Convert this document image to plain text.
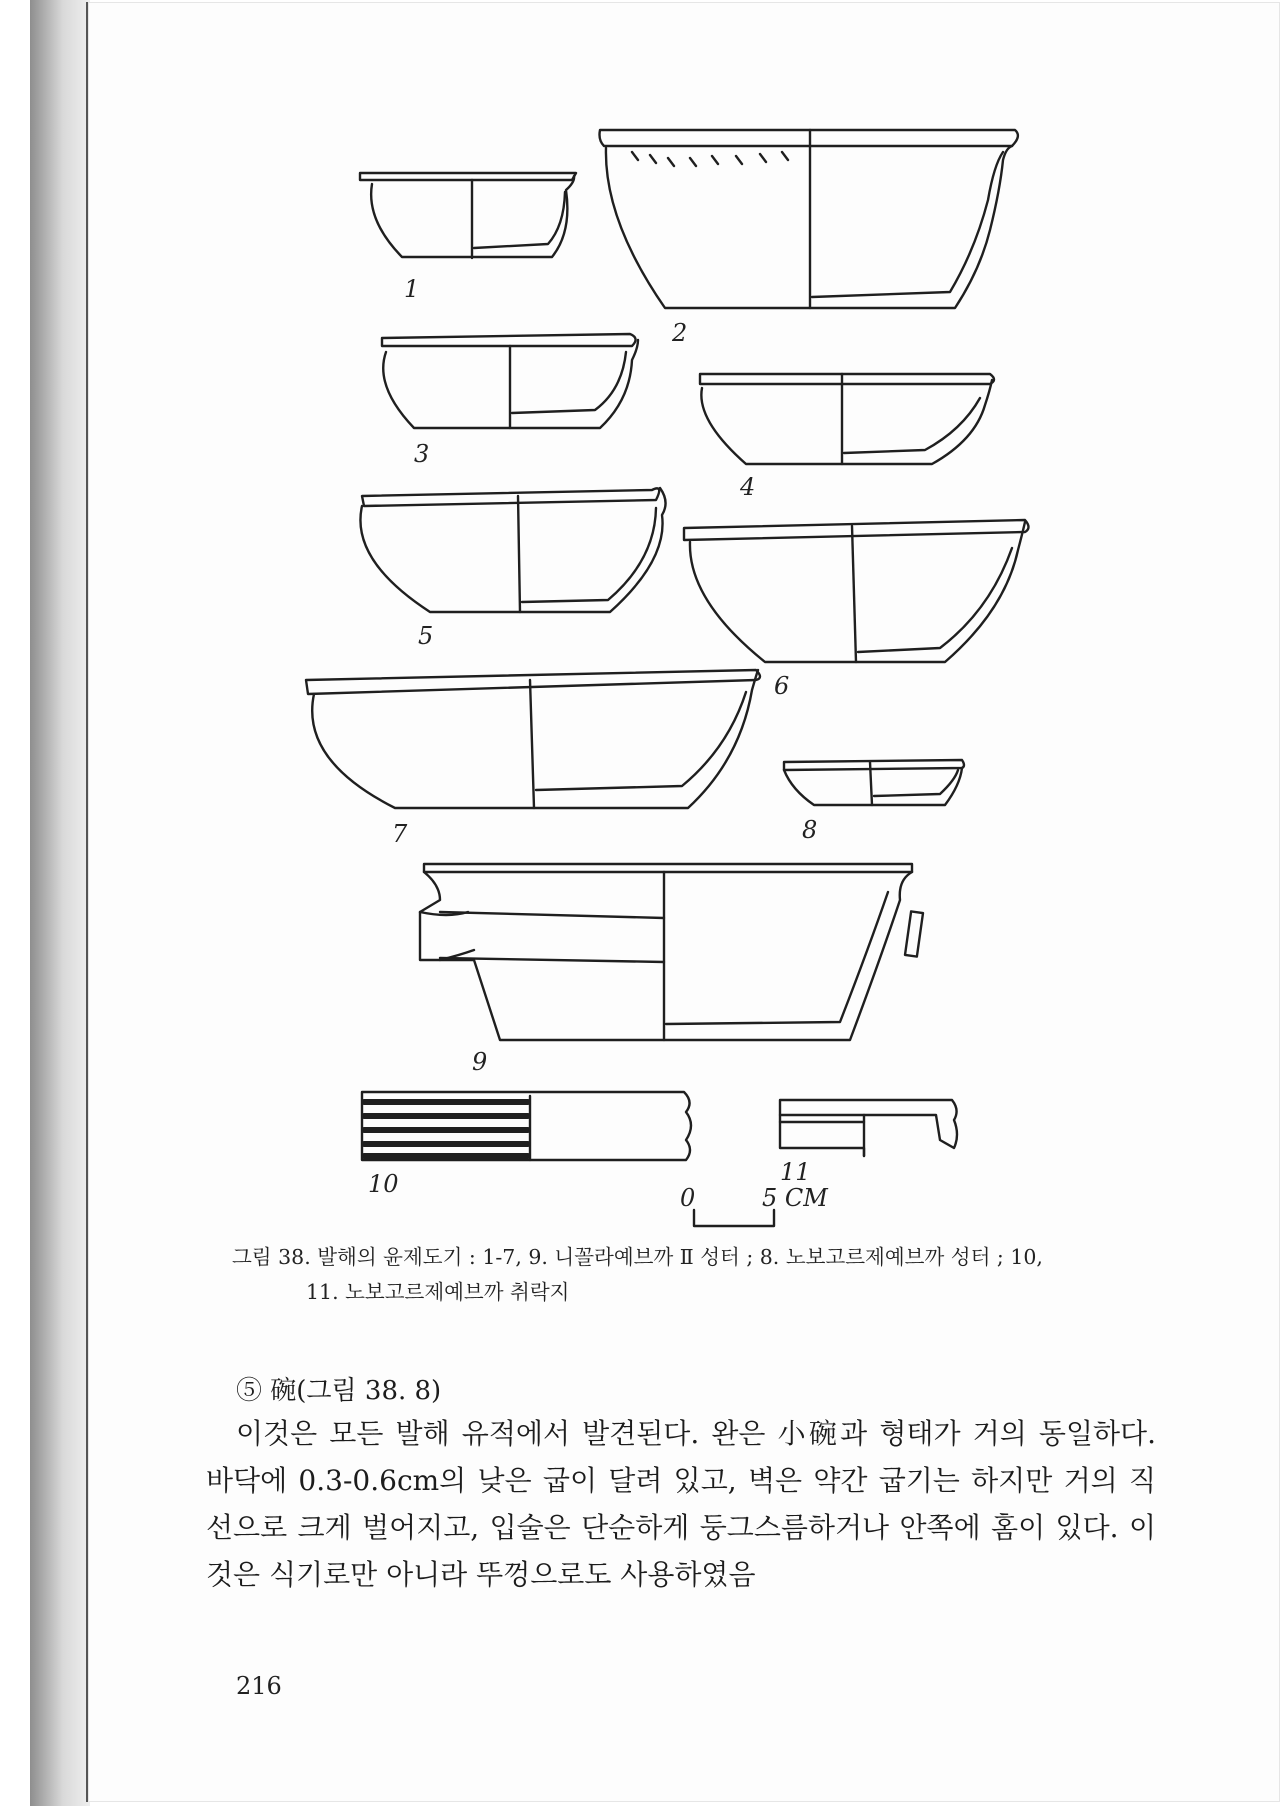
1
2
3
4
5
6
7	8
9
10	11
0	5 CM
그림 38. 발해의 윤제도기 : 1-7, 9. 니꼴라예브까 Ⅱ 성터 ; 8. 노보고르제예브까 성터 ; 10,
11. 노보고르제예브까 취락지
⑤ 碗(그림 38. 8)

이것은 모든 발해 유적에서 발견된다. 완은 小碗과 형태가 거의 동일하다. 바닥에 0.3-0.6cm의 낮은 굽이 달려 있고, 벽은 약간 굽기는 하지만 거의 직선으로 크게 벌어지고, 입술은 단순하게 둥그스름하거나 안쪽에 홈이 있다. 이것은 식기로만 아니라 뚜껑으로도 사용하였음

216
